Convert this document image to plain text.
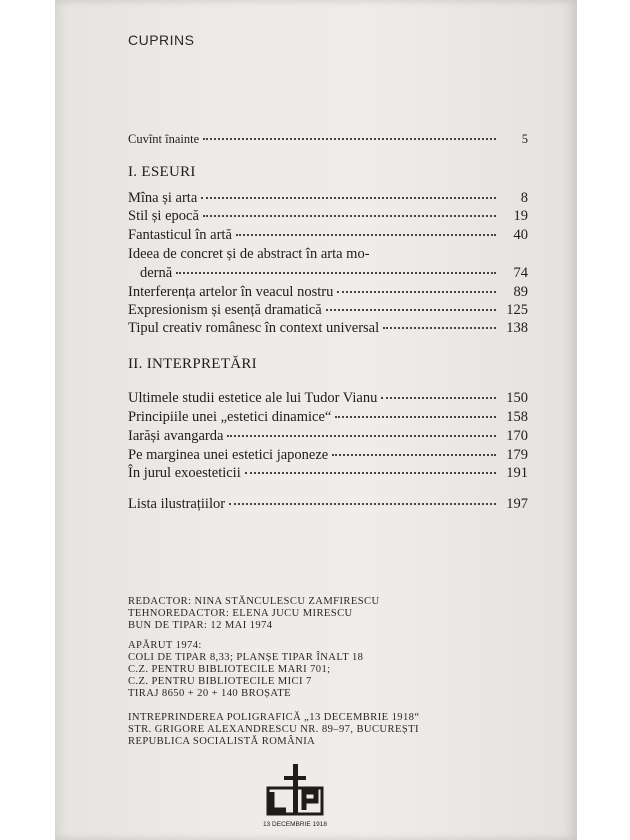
CUPRINS
Cuvînt înainte	5
I. ESEURI
Mîna și arta	8
Stil și epocă	19
Fantasticul în artă	40
Ideea de concret și de abstract în arta mo-
dernă	74
Interferența artelor în veacul nostru	89
Expresionism și esență dramatică	125
Tipul creativ românesc în context universal	138
II. INTERPRETĂRI
Ultimele studii estetice ale lui Tudor Vianu	150
Principiile unei „estetici dinamice“	158
Iarăși avangarda	170
Pe marginea unei estetici japoneze	179
În jurul exoesteticii	191
Lista ilustrațiilor	197
REDACTOR: NINA STĂNCULESCU ZAMFIRESCU
TEHNOREDACTOR: ELENA JUCU MIRESCU
BUN DE TIPAR: 12 MAI 1974
APĂRUT 1974:
COLI DE TIPAR 8,33; PLANȘE TIPAR ÎNALT 18
C.Z. PENTRU BIBLIOTECILE MARI 701;
C.Z. PENTRU BIBLIOTECILE MICI 7
TIRAJ 8650 + 20 + 140 BROȘATE
INTREPRINDEREA POLIGRAFICĂ „13 DECEMBRIE 1918“
STR. GRIGORE ALEXANDRESCU NR. 89–97, BUCUREȘTI
REPUBLICA SOCIALISTĂ ROMÂNIA
13 DECEMBRIE 1918
